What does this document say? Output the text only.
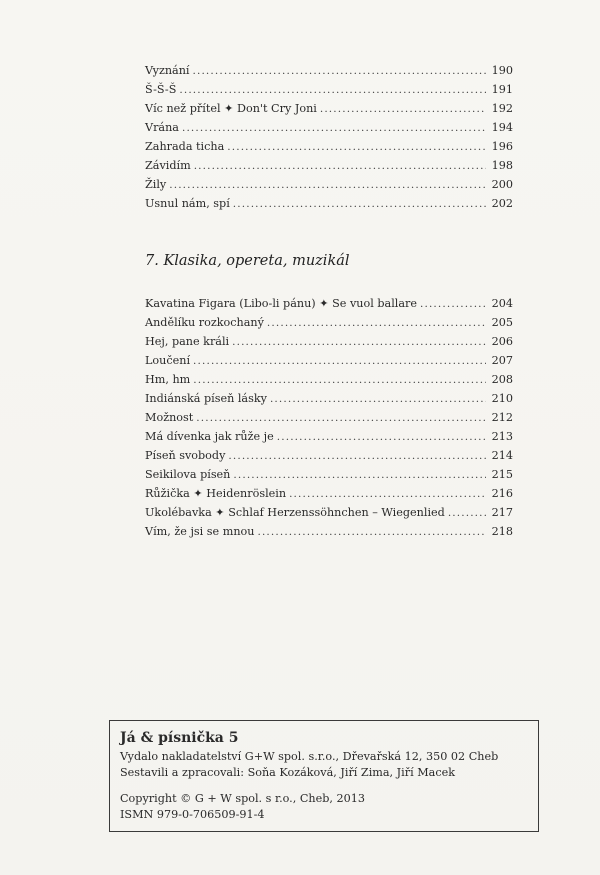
Vyznání . . .	190
Š-Š-Š . . .	191
Víc než přítel ✦ Don't Cry Joni . . .	192
Vrána . . .	194
Zahrada ticha . . .	196
Závidím . . .	198
Žily . . .	200
Usnul nám, spí . . .	202
7. Klasika, opereta, muzikál
Kavatina Figara (Libo-li pánu) ✦ Se vuol ballare . . .	204
Andělíku rozkochaný . . .	205
Hej, pane králi . . .	206
Loučení . . .	207
Hm, hm . . .	208
Indiánská píseň lásky . . .	210
Možnost . . .	212
Má dívenka jak růže je . . .	213
Píseň svobody . . .	214
Seikilova píseň . . .	215
Růžička ✦ Heidenröslein . . .	216
Ukolébavka ✦ Schlaf Herzenssöhnchen – Wiegenlied . . .	217
Vím, že jsi se mnou . . .	218
Já & písnička 5
Vydalo nakladatelství G+W spol. s.r.o., Dřevařská 12, 350 02 Cheb
Sestavili a zpracovali: Soňa Kozáková, Jiří Zima, Jiří Macek
Copyright © G + W spol. s r.o., Cheb, 2013
ISMN 979-0-706509-91-4
